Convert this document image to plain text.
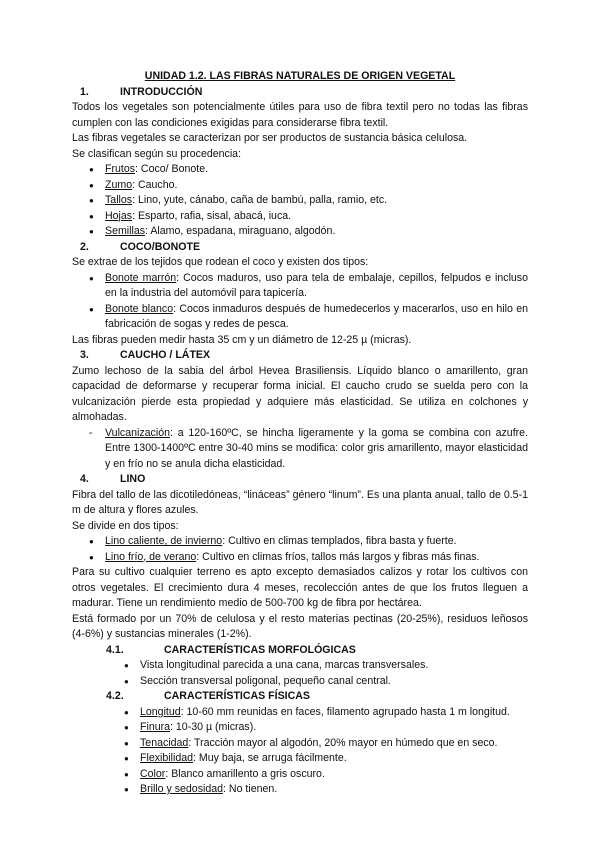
UNIDAD 1.2. LAS FIBRAS NATURALES DE ORIGEN VEGETAL
1.	INTRODUCCIÓN

Todos los vegetales son potencialmente útiles para uso de fibra textil pero no todas las fibras cumplen con las condiciones exigidas para considerarse fibra textil.

Las fibras vegetales se caracterizan por ser productos de sustancia básica celulosa.

Se clasifican según su procedencia:

● Frutos: Coco/ Bonote.
● Zumo: Caucho.
● Tallos: Lino, yute, cánabo, caña de bambú, palla, ramio, etc.
● Hojas: Esparto, rafia, sisal, abacá, iuca.
● Semillas: Alamo, espadana, miraguano, algodón.
2.	COCO/BONOTE

Se extrae de los tejidos que rodean el coco y existen dos tipos:

● Bonote marrón: Cocos maduros, uso para tela de embalaje, cepillos, felpudos e incluso en la industria del automóvil para tapicería.
● Bonote blanco: Cocos inmaduros después de humedecerlos y macerarlos, uso en hilo en fabricación de sogas y redes de pesca.

Las fibras pueden medir hasta 35 cm y un diámetro de 12-25 µ (micras).

3.	CAUCHO / LÁTEX

Zumo lechoso de la sabia del árbol Hevea Brasiliensis. Líquido blanco o amarillento, gran capacidad de deformarse y recuperar forma inicial. El caucho crudo se suelda pero con la vulcanización pierde esta propiedad y adquiere más elasticidad. Se utiliza en colchones y almohadas.

- Vulcanización: a 120-160ºC, se hincha ligeramente y la goma se combina con azufre. Entre 1300-1400ºC entre 30-40 mins se modifica: color gris amarillento, mayor elasticidad y en frío no se anula dicha elasticidad.
4.	LINO

Fibra del tallo de las dicotiledóneas, “lináceas” género “linum”. Es una planta anual, tallo de 0.5-1 m de altura y flores azules.

Se divide en dos tipos:

● Lino caliente, de invierno: Cultivo en climas templados, fibra basta y fuerte.
● Lino frío, de verano: Cultivo en climas fríos, tallos más largos y fibras más finas.

Para su cultivo cualquier terreno es apto excepto demasiados calizos y rotar los cultivos con otros vegetales. El crecimiento dura 4 meses, recolección antes de que los frutos lleguen a madurar. Tiene un rendimiento medio de 500-700 kg de fibra por hectárea.

Está formado por un 70% de celulosa y el resto materias pectinas (20-25%), residuos leñosos (4-6%) y sustancias minerales (1-2%).

4.1.	CARACTERÍSTICAS MORFOLÓGICAS
● Vista longitudinal parecida a una cana, marcas transversales.
● Sección transversal poligonal, pequeño canal central.
4.2.	CARACTERÍSTICAS FÍSICAS
● Longitud: 10-60 mm reunidas en faces, filamento agrupado hasta 1 m longitud.
● Finura: 10-30 µ (micras).
● Tenacidad: Tracción mayor al algodón, 20% mayor en húmedo que en seco.
● Flexibilidad: Muy baja, se arruga fácilmente.
● Color: Blanco amarillento a gris oscuro.
● Brillo y sedosidad: No tienen.
